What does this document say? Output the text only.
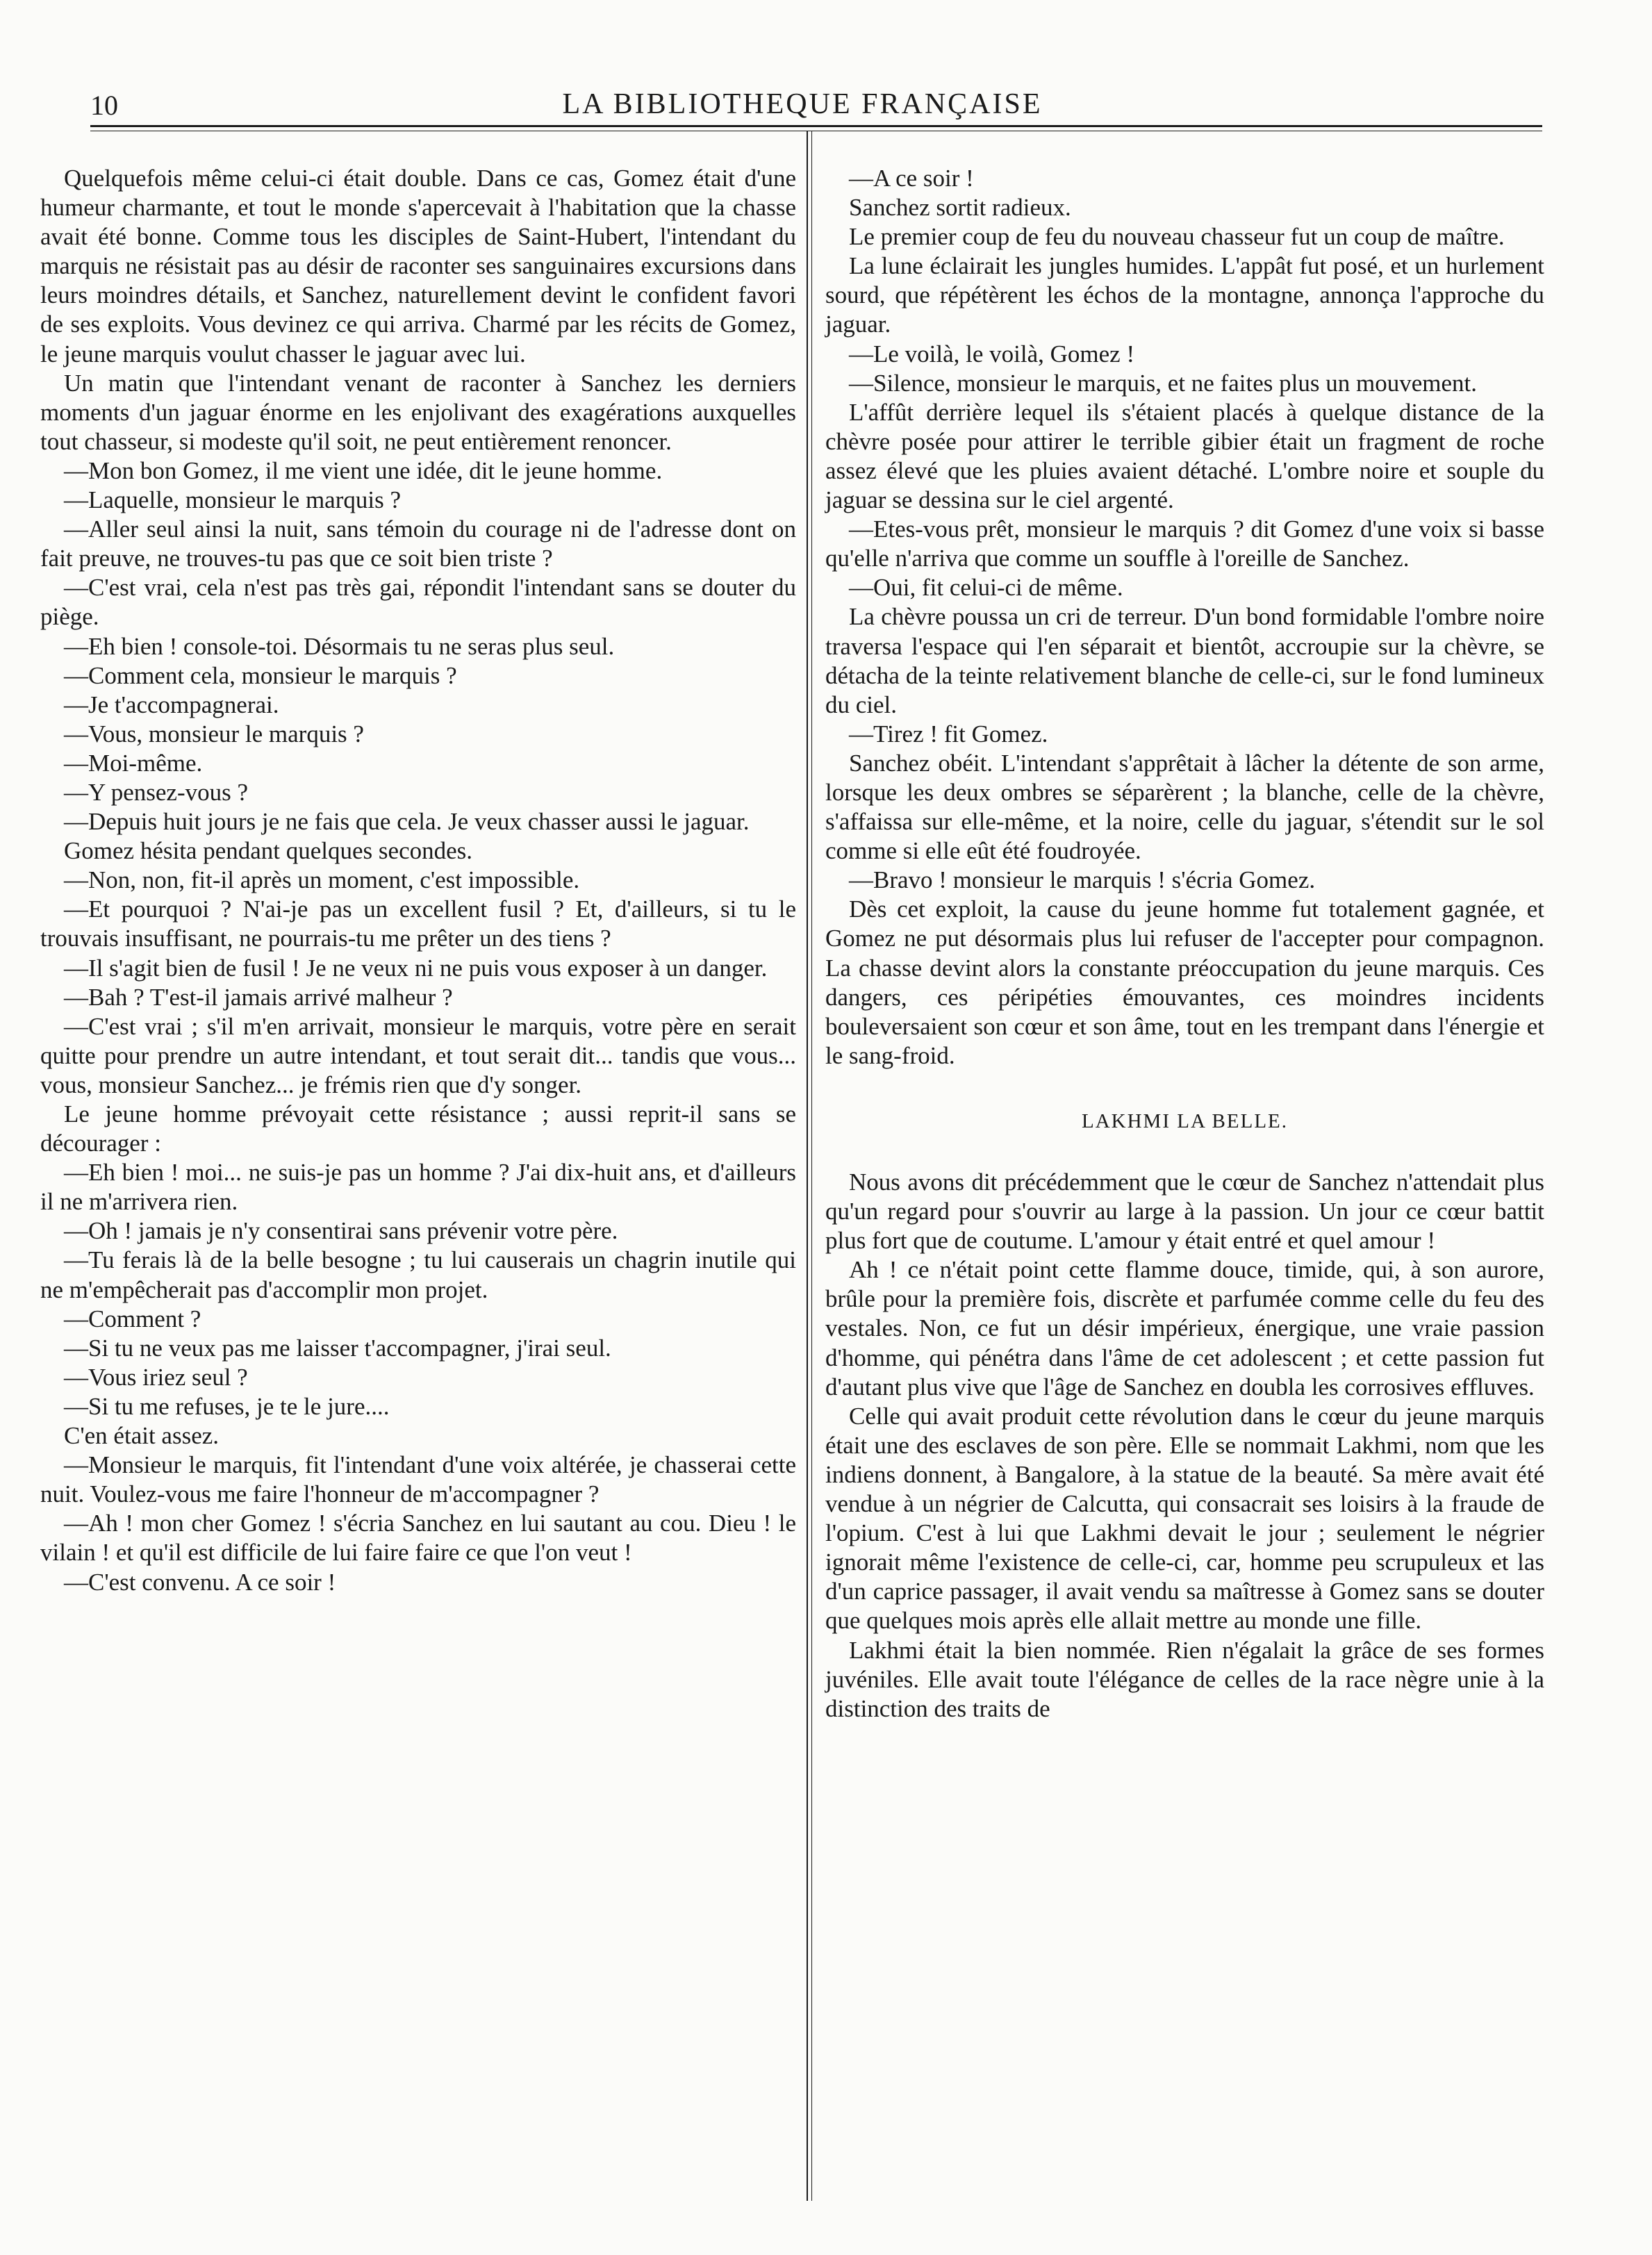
10	LA BIBLIOTHEQUE FRANÇAISE

Quelquefois même celui-ci était double. Dans ce cas, Gomez était d'une humeur charmante, et tout le monde s'apercevait à l'habitation que la chasse avait été bonne. Comme tous les disciples de Saint-Hubert, l'intendant du marquis ne résistait pas au désir de raconter ses sanguinaires excursions dans leurs moindres détails, et Sanchez, naturellement devint le confident favori de ses exploits. Vous devinez ce qui arriva. Charmé par les récits de Gomez, le jeune marquis voulut chasser le jaguar avec lui.

Un matin que l'intendant venant de raconter à Sanchez les derniers moments d'un jaguar énorme en les enjolivant des exagérations auxquelles tout chasseur, si modeste qu'il soit, ne peut entièrement renoncer.

—Mon bon Gomez, il me vient une idée, dit le jeune homme.

—Laquelle, monsieur le marquis ?

—Aller seul ainsi la nuit, sans témoin du courage ni de l'adresse dont on fait preuve, ne trouves-tu pas que ce soit bien triste ?

—C'est vrai, cela n'est pas très gai, répondit l'intendant sans se douter du piège.

—Eh bien ! console-toi. Désormais tu ne seras plus seul.

—Comment cela, monsieur le marquis ?

—Je t'accompagnerai.

—Vous, monsieur le marquis ?

—Moi-même.

—Y pensez-vous ?

—Depuis huit jours je ne fais que cela. Je veux chasser aussi le jaguar.

Gomez hésita pendant quelques secondes.

—Non, non, fit-il après un moment, c'est impossible.

—Et pourquoi ? N'ai-je pas un excellent fusil ? Et, d'ailleurs, si tu le trouvais insuffisant, ne pourrais-tu me prêter un des tiens ?

—Il s'agit bien de fusil ! Je ne veux ni ne puis vous exposer à un danger.

—Bah ? T'est-il jamais arrivé malheur ?

—C'est vrai ; s'il m'en arrivait, monsieur le marquis, votre père en serait quitte pour prendre un autre intendant, et tout serait dit... tandis que vous... vous, monsieur Sanchez... je frémis rien que d'y songer.

Le jeune homme prévoyait cette résistance ; aussi reprit-il sans se décourager :

—Eh bien ! moi... ne suis-je pas un homme ? J'ai dix-huit ans, et d'ailleurs il ne m'arrivera rien.

—Oh ! jamais je n'y consentirai sans prévenir votre père.

—Tu ferais là de la belle besogne ; tu lui causerais un chagrin inutile qui ne m'empêcherait pas d'accomplir mon projet.

—Comment ?

—Si tu ne veux pas me laisser t'accompagner, j'irai seul.

—Vous iriez seul ?

—Si tu me refuses, je te le jure....

C'en était assez.

—Monsieur le marquis, fit l'intendant d'une voix altérée, je chasserai cette nuit. Voulez-vous me faire l'honneur de m'accompagner ?

—Ah ! mon cher Gomez ! s'écria Sanchez en lui sautant au cou. Dieu ! le vilain ! et qu'il est difficile de lui faire faire ce que l'on veut !

—C'est convenu. A ce soir !

—A ce soir !

Sanchez sortit radieux.

Le premier coup de feu du nouveau chasseur fut un coup de maître.

La lune éclairait les jungles humides. L'appât fut posé, et un hurlement sourd, que répétèrent les échos de la montagne, annonça l'approche du jaguar.

—Le voilà, le voilà, Gomez !

—Silence, monsieur le marquis, et ne faites plus un mouvement.

L'affût derrière lequel ils s'étaient placés à quelque distance de la chèvre posée pour attirer le terrible gibier était un fragment de roche assez élevé que les pluies avaient détaché. L'ombre noire et souple du jaguar se dessina sur le ciel argenté.

—Etes-vous prêt, monsieur le marquis ? dit Gomez d'une voix si basse qu'elle n'arriva que comme un souffle à l'oreille de Sanchez.

—Oui, fit celui-ci de même.

La chèvre poussa un cri de terreur. D'un bond formidable l'ombre noire traversa l'espace qui l'en séparait et bientôt, accroupie sur la chèvre, se détacha de la teinte relativement blanche de celle-ci, sur le fond lumineux du ciel.

—Tirez ! fit Gomez.

Sanchez obéit. L'intendant s'apprêtait à lâcher la détente de son arme, lorsque les deux ombres se séparèrent ; la blanche, celle de la chèvre, s'affaissa sur elle-même, et la noire, celle du jaguar, s'étendit sur le sol comme si elle eût été foudroyée.

—Bravo ! monsieur le marquis ! s'écria Gomez.

Dès cet exploit, la cause du jeune homme fut totalement gagnée, et Gomez ne put désormais plus lui refuser de l'accepter pour compagnon. La chasse devint alors la constante préoccupation du jeune marquis. Ces dangers, ces péripéties émouvantes, ces moindres incidents bouleversaient son cœur et son âme, tout en les trempant dans l'énergie et le sang-froid.

LAKHMI LA BELLE.

Nous avons dit précédemment que le cœur de Sanchez n'attendait plus qu'un regard pour s'ouvrir au large à la passion. Un jour ce cœur battit plus fort que de coutume. L'amour y était entré et quel amour !

Ah ! ce n'était point cette flamme douce, timide, qui, à son aurore, brûle pour la première fois, discrète et parfumée comme celle du feu des vestales. Non, ce fut un désir impérieux, énergique, une vraie passion d'homme, qui pénétra dans l'âme de cet adolescent ; et cette passion fut d'autant plus vive que l'âge de Sanchez en doubla les corrosives effluves.

Celle qui avait produit cette révolution dans le cœur du jeune marquis était une des esclaves de son père. Elle se nommait Lakhmi, nom que les indiens donnent, à Bangalore, à la statue de la beauté. Sa mère avait été vendue à un négrier de Calcutta, qui consacrait ses loisirs à la fraude de l'opium. C'est à lui que Lakhmi devait le jour ; seulement le négrier ignorait même l'existence de celle-ci, car, homme peu scrupuleux et las d'un caprice passager, il avait vendu sa maîtresse à Gomez sans se douter que quelques mois après elle allait mettre au monde une fille.

Lakhmi était la bien nommée. Rien n'égalait la grâce de ses formes juvéniles. Elle avait toute l'élégance de celles de la race nègre unie à la distinction des traits de
